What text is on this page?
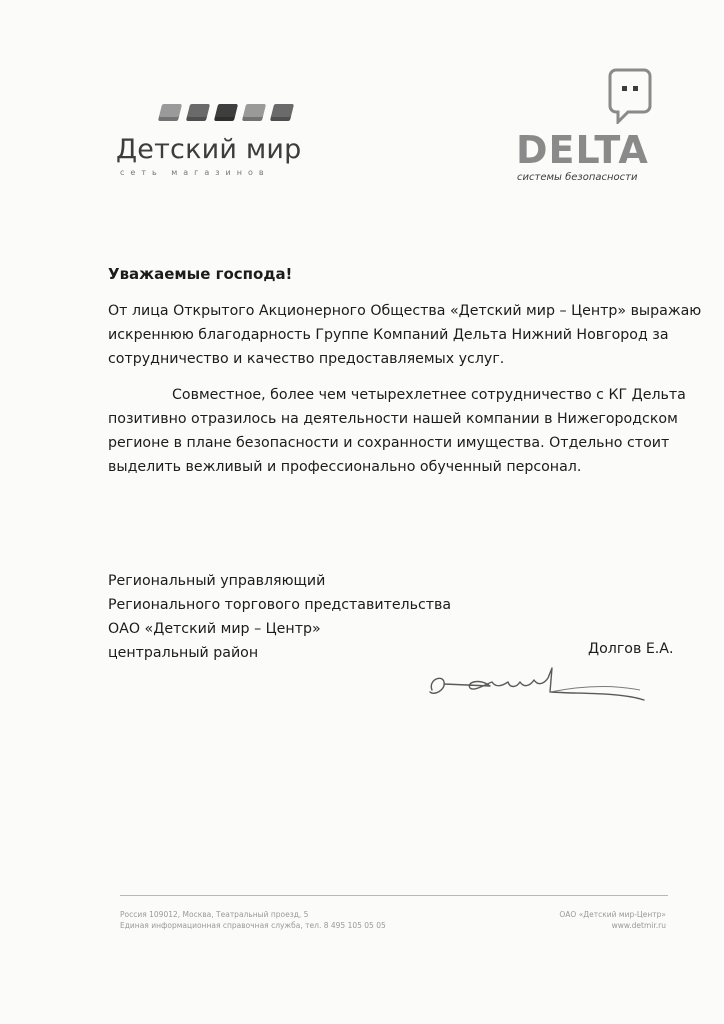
Детский мир
сеть магазинов
DELTA
системы безопасности
Уважаемые господа!

От лица Открытого Акционерного Общества «Детский мир – Центр» выражаю
искреннюю благодарность Группе Компаний Дельта Нижний Новгород за
сотрудничество и качество предоставляемых услуг.

Совместное, более чем четырехлетнее сотрудничество с КГ Дельта
позитивно отразилось на деятельности нашей компании в Нижегородском
регионе в плане безопасности и сохранности имущества. Отдельно стоит
выделить вежливый и профессионально обученный персонал.

Региональный управляющий
Регионального торгового представительства
ОАО «Детский мир – Центр»
центральный район	Долгов Е.А.
Россия 109012, Москва, Театральный проезд, 5
Единая информационная справочная служба, тел. 8 495 105 05 05
ОАО «Детский мир-Центр»
www.detmir.ru
